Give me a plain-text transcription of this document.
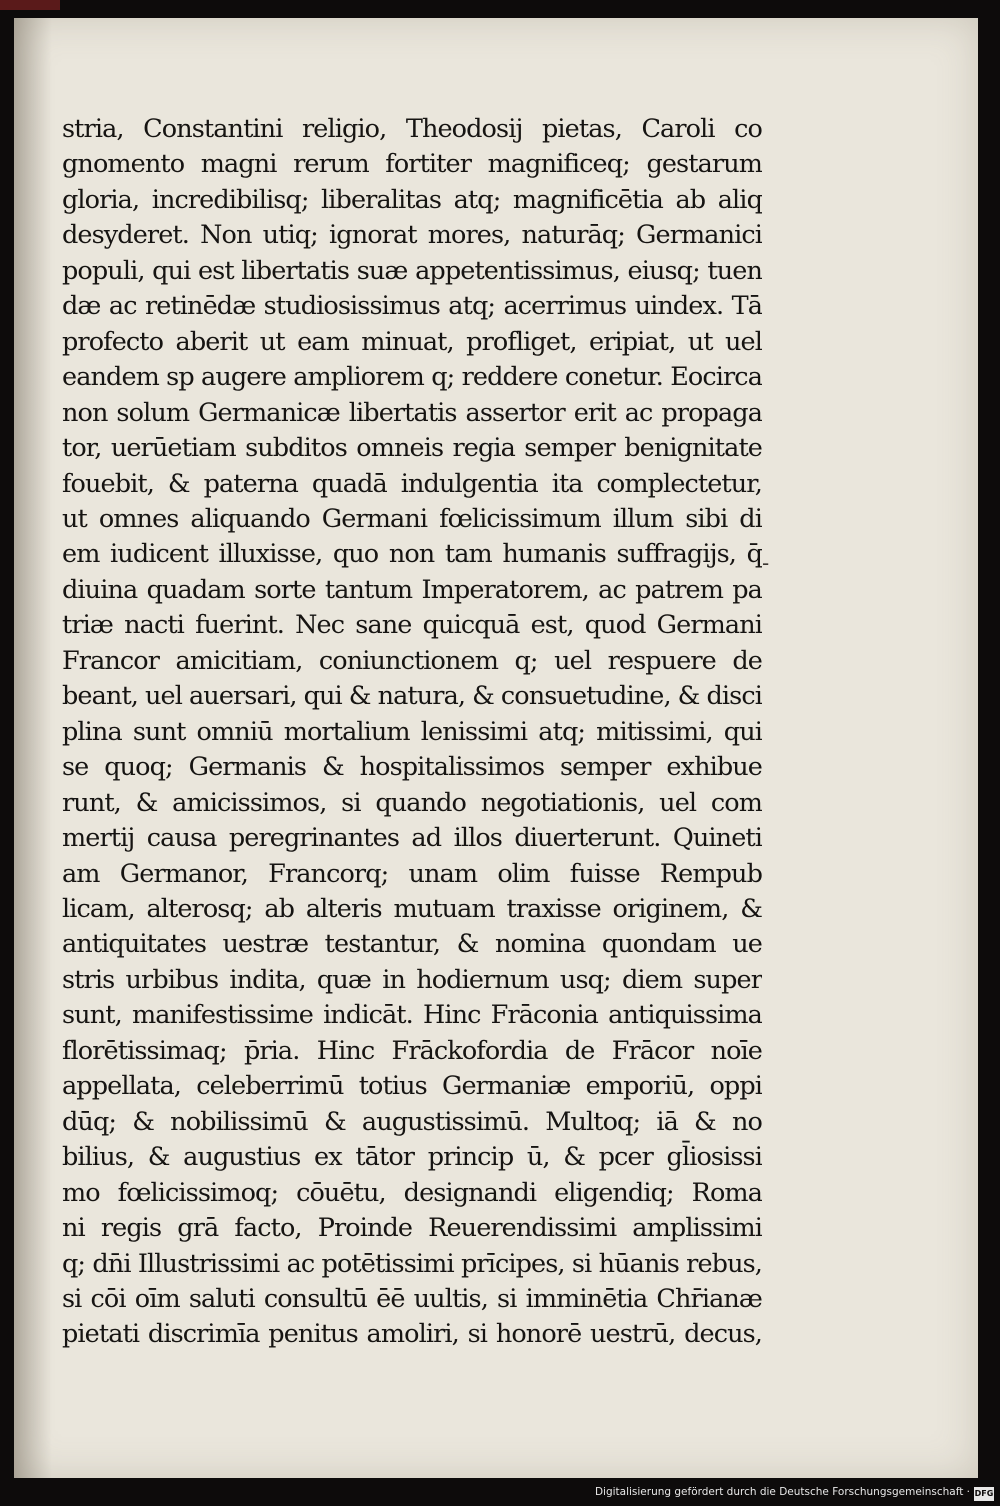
stria, Constantini religio, Theodosij pietas, Caroli co
gnomento magni rerum fortiter magnificeq; gestarum
gloria, incredibilisq; liberalitas atq; magnificētia ab aliq
desyderet. Non utiq; ignorat mores, naturāq; Germanici
populi, qui est libertatis suæ appetentissimus, eiusq; tuen
dæ ac retinēdæ studiosissimus atq; acerrimus uindex. Tā
profecto aberit ut eam minuat, profliget, eripiat, ut uel
eandem sp augere ampliorem q; reddere conetur. Eocirca
non solum Germanicæ libertatis assertor erit ac propaga
tor, uerūetiam subditos omneis regia semper benignitate
fouebit, & paterna quadā indulgentia ita complectetur,
ut omnes aliquando Germani fœlicissimum illum sibi di
em iudicent illuxisse, quo non tam humanis suffragijs, q̄
diuina quadam sorte tantum Imperatorem, ac patrem pa
triæ nacti fuerint. Nec sane quicquā est, quod Germani
Francor amicitiam, coniunctionem q; uel respuere de
beant, uel auersari, qui & natura, & consuetudine, & disci
plina sunt omniū mortalium lenissimi atq; mitissimi, qui
se quoq; Germanis & hospitalissimos semper exhibue
runt, & amicissimos, si quando negotiationis, uel com
mertij causa peregrinantes ad illos diuerterunt. Quineti
am Germanor, Francorq; unam olim fuisse Rempub
licam, alterosq; ab alteris mutuam traxisse originem, &
antiquitates uestræ testantur, & nomina quondam ue
stris urbibus indita, quæ in hodiernum usq; diem super
sunt, manifestissime indicāt. Hinc Frāconia antiquissima
florētissimaq; p̄ria. Hinc Frāckofordia de Frācor noīe
appellata, celeberrimū totius Germaniæ emporiū, oppi
dūq; & nobilissimū & augustissimū. Multoq; iā & no
bilius, & augustius ex tātor princip ū, & pcer gl̄iosissi
mo fœlicissimoq; cōuētu, designandi eligendiq; Roma
ni regis grā facto, Proinde Reuerendissimi amplissimi
q; dn̄i Illustrissimi ac potētissimi prīcipes, si hūanis rebus,
si cōi oīm saluti consultū ēē uultis, si imminētia Chr̄ianæ
pietati discrimīa penitus amoliri, si honorē uestrū, decus,
-
Digitalisierung gefördert durch die Deutsche Forschungsgemeinschaft · DFG
